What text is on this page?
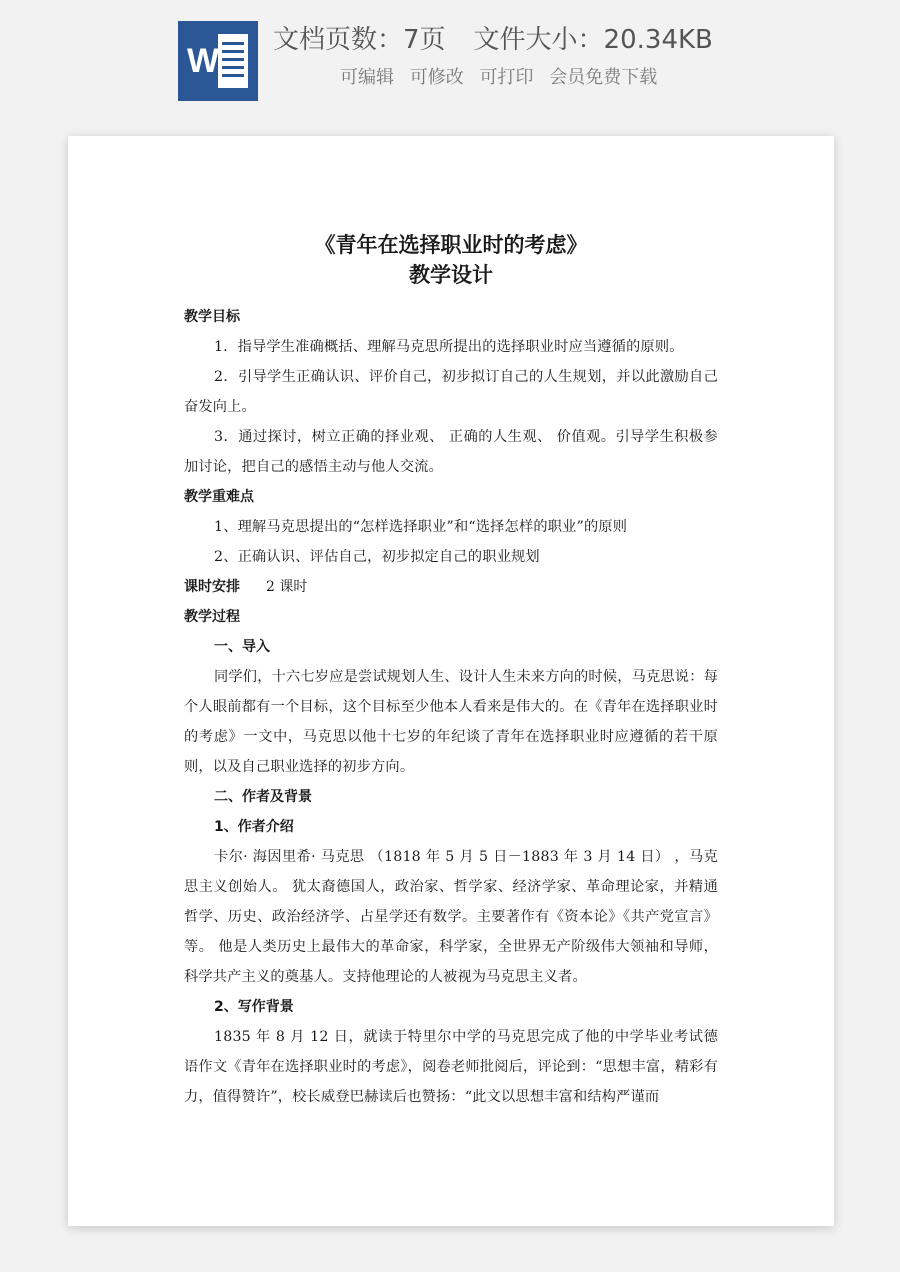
W
文档页数：7页 文件大小：20.34KB
可编辑 可修改 可打印 会员免费下载

《青年在选择职业时的考虑》

教学设计

教学目标

1．指导学生准确概括、理解马克思所提出的选择职业时应当遵循的原则。

2．引导学生正确认识、评价自己，初步拟订自己的人生规划，并以此激励自己奋发向上。

3．通过探讨，树立正确的择业观、 正确的人生观、 价值观。引导学生积极参加讨论，把自己的感悟主动与他人交流。

教学重难点

1、理解马克思提出的“怎样选择职业”和“选择怎样的职业”的原则

2、正确认识、评估自己，初步拟定自己的职业规划

课时安排 2 课时

教学过程

一、导入

同学们，十六七岁应是尝试规划人生、设计人生未来方向的时候，马克思说：每个人眼前都有一个目标，这个目标至少他本人看来是伟大的。在《青年在选择职业时的考虑》一文中，马克思以他十七岁的年纪谈了青年在选择职业时应遵循的若干原则，以及自己职业选择的初步方向。

二、作者及背景

1、作者介绍

卡尔· 海因里希· 马克思 （1818 年 5 月 5 日－1883 年 3 月 14 日） ，马克思主义创始人。 犹太裔德国人，政治家、哲学家、经济学家、革命理论家，并精通哲学、历史、政治经济学、占星学还有数学。主要著作有《资本论》《共产党宣言》等。 他是人类历史上最伟大的革命家，科学家，全世界无产阶级伟大领袖和导师， 科学共产主义的奠基人。支持他理论的人被视为马克思主义者。

2、写作背景

1835 年 8 月 12 日，就读于特里尔中学的马克思完成了他的中学毕业考试德语作文《青年在选择职业时的考虑》，阅卷老师批阅后，评论到：“思想丰富，精彩有力，值得赞许”，校长威登巴赫读后也赞扬：“此文以思想丰富和结构严谨而
